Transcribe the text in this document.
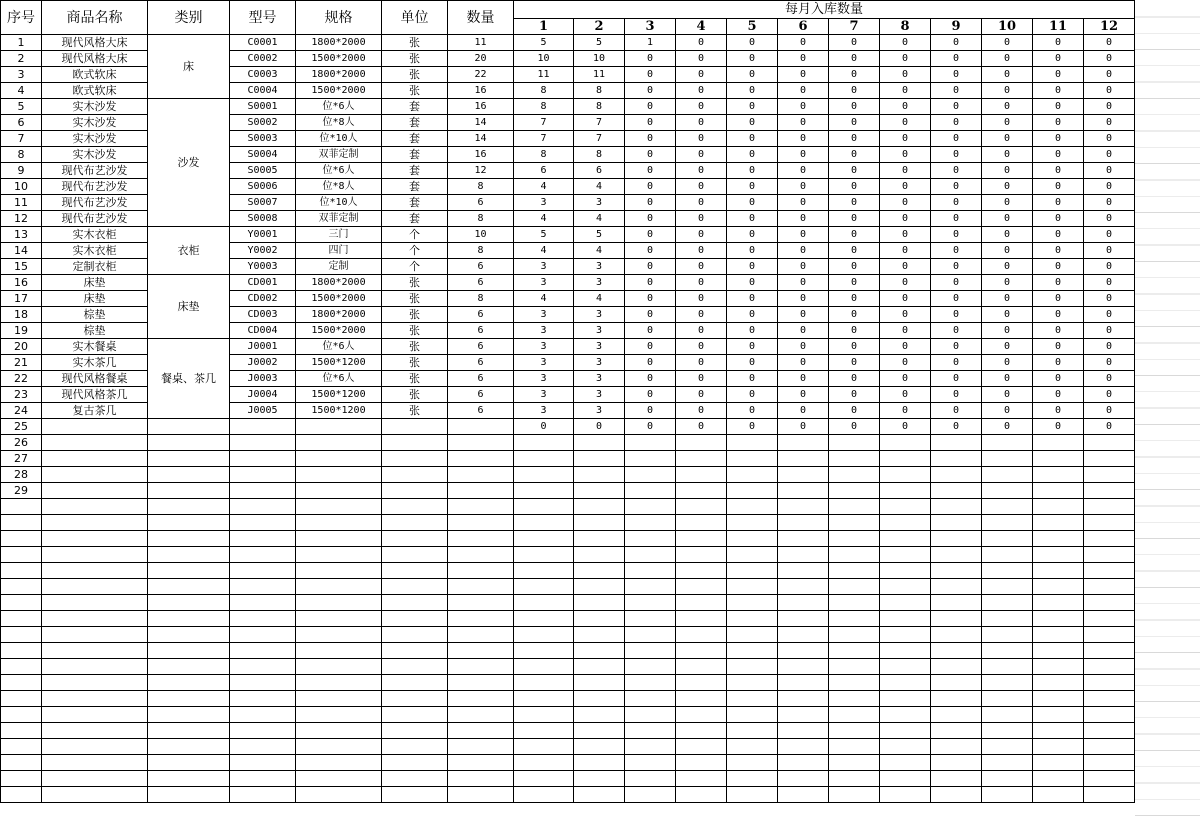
序号	商品名称	类别	型号	规格	单位	数量	每月入库数量											
							1	2	3	4	5	6	7	8	9	10	11	12
1	现代风格大床	床	C0001	1800*2000	张	11	5	5	1	0	0	0	0	0	0	0	0	0
2	现代风格大床		C0002	1500*2000	张	20	10	10	0	0	0	0	0	0	0	0	0	0
3	欧式软床		C0003	1800*2000	张	22	11	11	0	0	0	0	0	0	0	0	0	0
4	欧式软床		C0004	1500*2000	张	16	8	8	0	0	0	0	0	0	0	0	0	0
5	实木沙发	沙发	S0001	位*6人	套	16	8	8	0	0	0	0	0	0	0	0	0	0
6	实木沙发		S0002	位*8人	套	14	7	7	0	0	0	0	0	0	0	0	0	0
7	实木沙发		S0003	位*10人	套	14	7	7	0	0	0	0	0	0	0	0	0	0
8	实木沙发		S0004	双菲定制	套	16	8	8	0	0	0	0	0	0	0	0	0	0
9	现代布艺沙发		S0005	位*6人	套	12	6	6	0	0	0	0	0	0	0	0	0	0
10	现代布艺沙发		S0006	位*8人	套	8	4	4	0	0	0	0	0	0	0	0	0	0
11	现代布艺沙发		S0007	位*10人	套	6	3	3	0	0	0	0	0	0	0	0	0	0
12	现代布艺沙发		S0008	双菲定制	套	8	4	4	0	0	0	0	0	0	0	0	0	0
13	实木衣柜	衣柜	Y0001	三门	个	10	5	5	0	0	0	0	0	0	0	0	0	0
14	实木衣柜		Y0002	四门	个	8	4	4	0	0	0	0	0	0	0	0	0	0
15	定制衣柜		Y0003	定制	个	6	3	3	0	0	0	0	0	0	0	0	0	0
16	床垫	床垫	CD001	1800*2000	张	6	3	3	0	0	0	0	0	0	0	0	0	0
17	床垫		CD002	1500*2000	张	8	4	4	0	0	0	0	0	0	0	0	0	0
18	棕垫		CD003	1800*2000	张	6	3	3	0	0	0	0	0	0	0	0	0	0
19	棕垫		CD004	1500*2000	张	6	3	3	0	0	0	0	0	0	0	0	0	0
20	实木餐桌	餐桌、茶几	J0001	位*6人	张	6	3	3	0	0	0	0	0	0	0	0	0	0
21	实木茶几		J0002	1500*1200	张	6	3	3	0	0	0	0	0	0	0	0	0	0
22	现代风格餐桌		J0003	位*6人	张	6	3	3	0	0	0	0	0	0	0	0	0	0
23	现代风格茶几		J0004	1500*1200	张	6	3	3	0	0	0	0	0	0	0	0	0	0
24	复古茶几		J0005	1500*1200	张	6	3	3	0	0	0	0	0	0	0	0	0	0
25							0	0	0	0	0	0	0	0	0	0	0	0
26																		
27																		
28																		
29																		
